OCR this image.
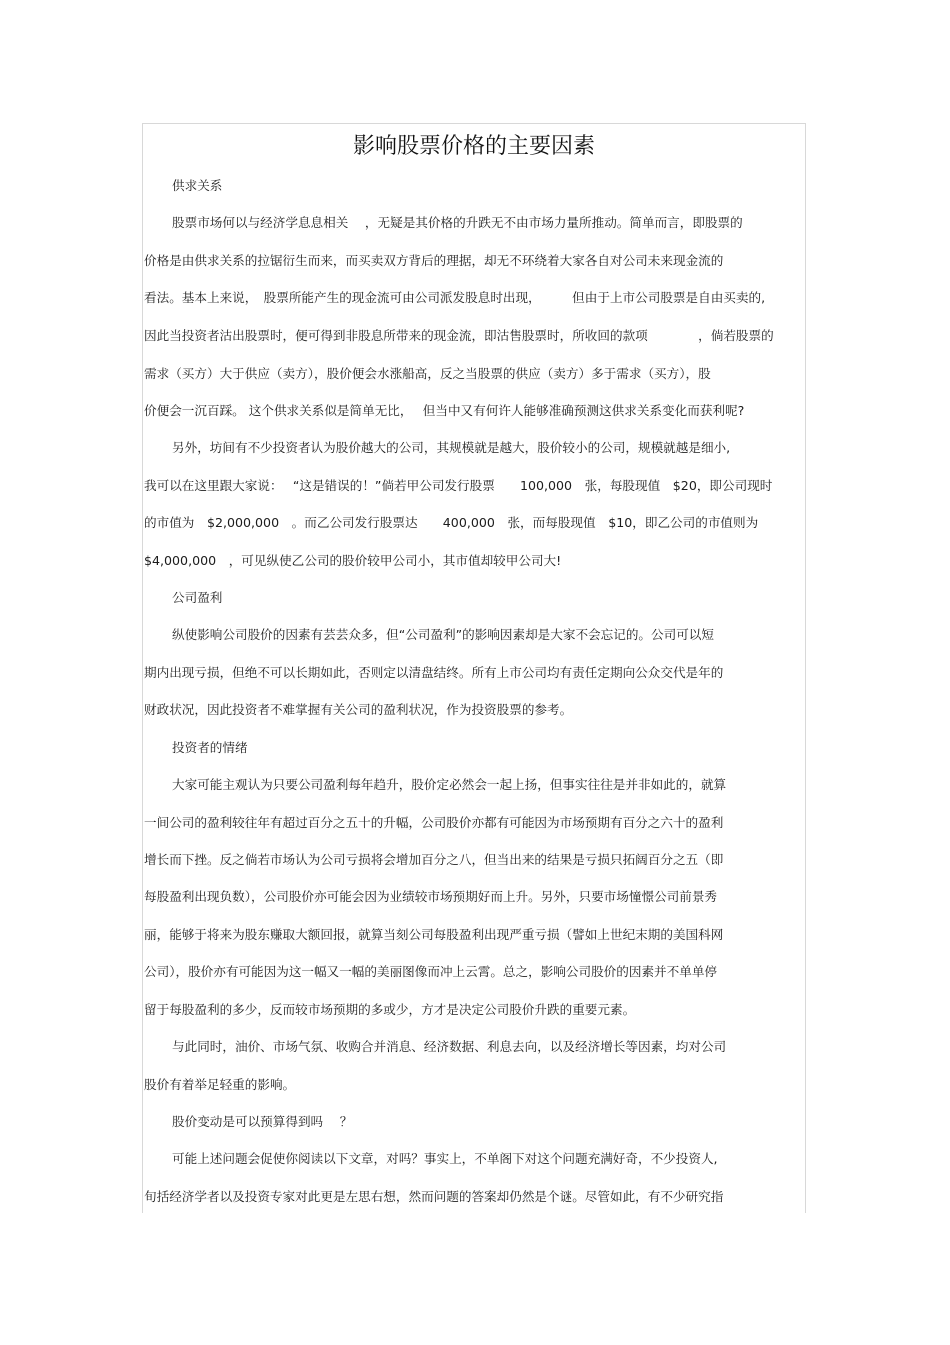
影响股票价格的主要因素
供求关系
股票市场何以与经济学息息相关　 ，无疑是其价格的升跌无不由市场力量所推动。简单而言，即股票的
价格是由供求关系的拉锯衍生而来，而买卖双方背后的理据，却无不环绕着大家各自对公司未来现金流的
看法。基本上来说，　股票所能产生的现金流可由公司派发股息时出现，　　　但由于上市公司股票是自由买卖的,
因此当投资者沽出股票时，便可得到非股息所带来的现金流，即沽售股票时，所收回的款项　　　　，倘若股票的
需求（买方）大于供应（卖方），股价便会水涨船高，反之当股票的供应（卖方）多于需求（买方），股
价便会一沉百踩。 这个供求关系似是简单无比，　 但当中又有何许人能够准确预测这供求关系变化而获利呢?
另外，坊间有不少投资者认为股价越大的公司，其规模就是越大，股价较小的公司，规模就越是细小,
我可以在这里跟大家说：　 “这是错误的！”倘若甲公司发行股票　　100,000　张，每股现值　$20，即公司现时
的市值为　$2,000,000　。而乙公司发行股票达　　400,000　张，而每股现值　$10，即乙公司的市值则为
$4,000,000　，可见纵使乙公司的股价较甲公司小，其市值却较甲公司大!
公司盈利
纵使影响公司股价的因素有芸芸众多，但“公司盈利”的影响因素却是大家不会忘记的。公司可以短
期内出现亏损，但绝不可以长期如此，否则定以清盘结终。所有上市公司均有责任定期向公众交代是年的
财政状况，因此投资者不难掌握有关公司的盈利状况，作为投资股票的参考。
投资者的情绪
大家可能主观认为只要公司盈利每年趋升，股价定必然会一起上扬，但事实往往是并非如此的，就算
一间公司的盈利较往年有超过百分之五十的升幅，公司股价亦都有可能因为市场预期有百分之六十的盈利
增长而下挫。反之倘若市场认为公司亏损将会增加百分之八，但当出来的结果是亏损只拓阔百分之五（即
每股盈利出现负数），公司股价亦可能会因为业绩较市场预期好而上升。另外，只要市场憧憬公司前景秀
丽，能够于将来为股东赚取大额回报，就算当刻公司每股盈利出现严重亏损（譬如上世纪末期的美国科网
公司），股价亦有可能因为这一幅又一幅的美丽图像而冲上云霄。总之，影响公司股价的因素并不单单停
留于每股盈利的多少，反而较市场预期的多或少，方才是决定公司股价升跌的重要元素。
与此同时，油价、市场气氛、收购合并消息、经济数据、利息去向，以及经济增长等因素，均对公司
股价有着举足轻重的影响。
股价变动是可以预算得到吗　 ？
可能上述问题会促使你阅读以下文章，对吗？事实上，不单阁下对这个问题充满好奇，不少投资人,
旬括经济学者以及投资专家对此更是左思右想，然而问题的答案却仍然是个谜。尽管如此，有不少研究指
